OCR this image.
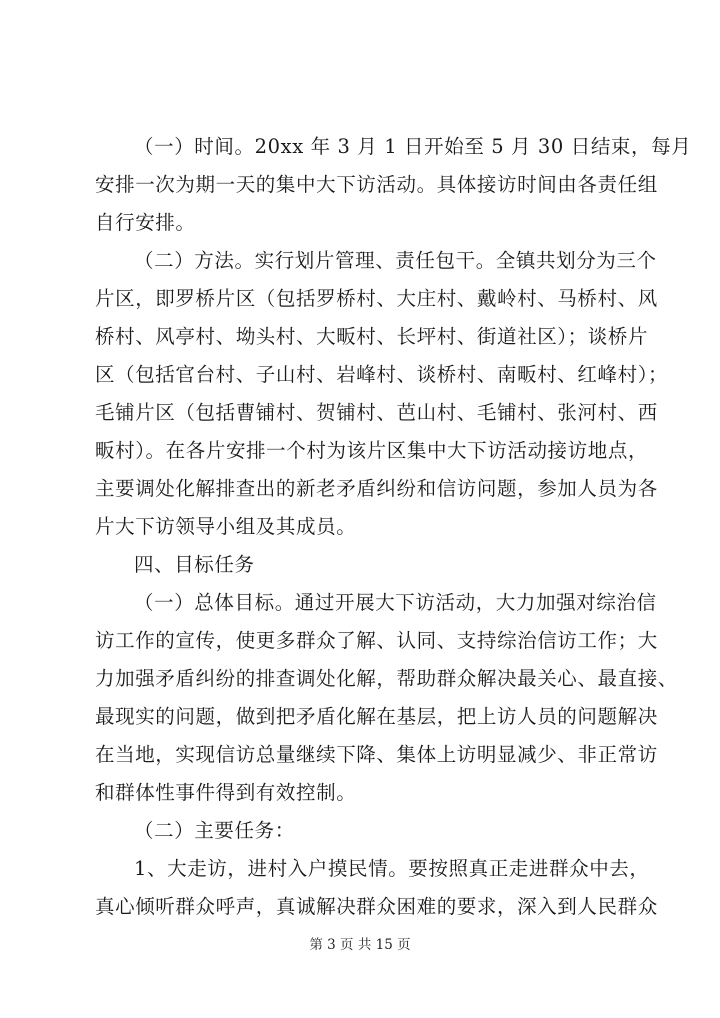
（一）时间。20xx 年 3 月 1 日开始至 5 月 30 日结束，每月
安排一次为期一天的集中大下访活动。具体接访时间由各责任组
自行安排。
（二）方法。实行划片管理、责任包干。全镇共划分为三个
片区，即罗桥片区（包括罗桥村、大庄村、戴岭村、马桥村、风
桥村、风亭村、坳头村、大畈村、长坪村、街道社区）；谈桥片
区（包括官台村、子山村、岩峰村、谈桥村、南畈村、红峰村）；
毛铺片区（包括曹铺村、贺铺村、芭山村、毛铺村、张河村、西
畈村）。在各片安排一个村为该片区集中大下访活动接访地点，
主要调处化解排查出的新老矛盾纠纷和信访问题，参加人员为各
片大下访领导小组及其成员。
四、目标任务
（一）总体目标。通过开展大下访活动，大力加强对综治信
访工作的宣传，使更多群众了解、认同、支持综治信访工作；大
力加强矛盾纠纷的排查调处化解，帮助群众解决最关心、最直接、
最现实的问题，做到把矛盾化解在基层，把上访人员的问题解决
在当地，实现信访总量继续下降、集体上访明显减少、非正常访
和群体性事件得到有效控制。
（二）主要任务：
1、大走访，进村入户摸民情。要按照真正走进群众中去，
真心倾听群众呼声，真诚解决群众困难的要求，深入到人民群众
第 3 页 共 15 页
